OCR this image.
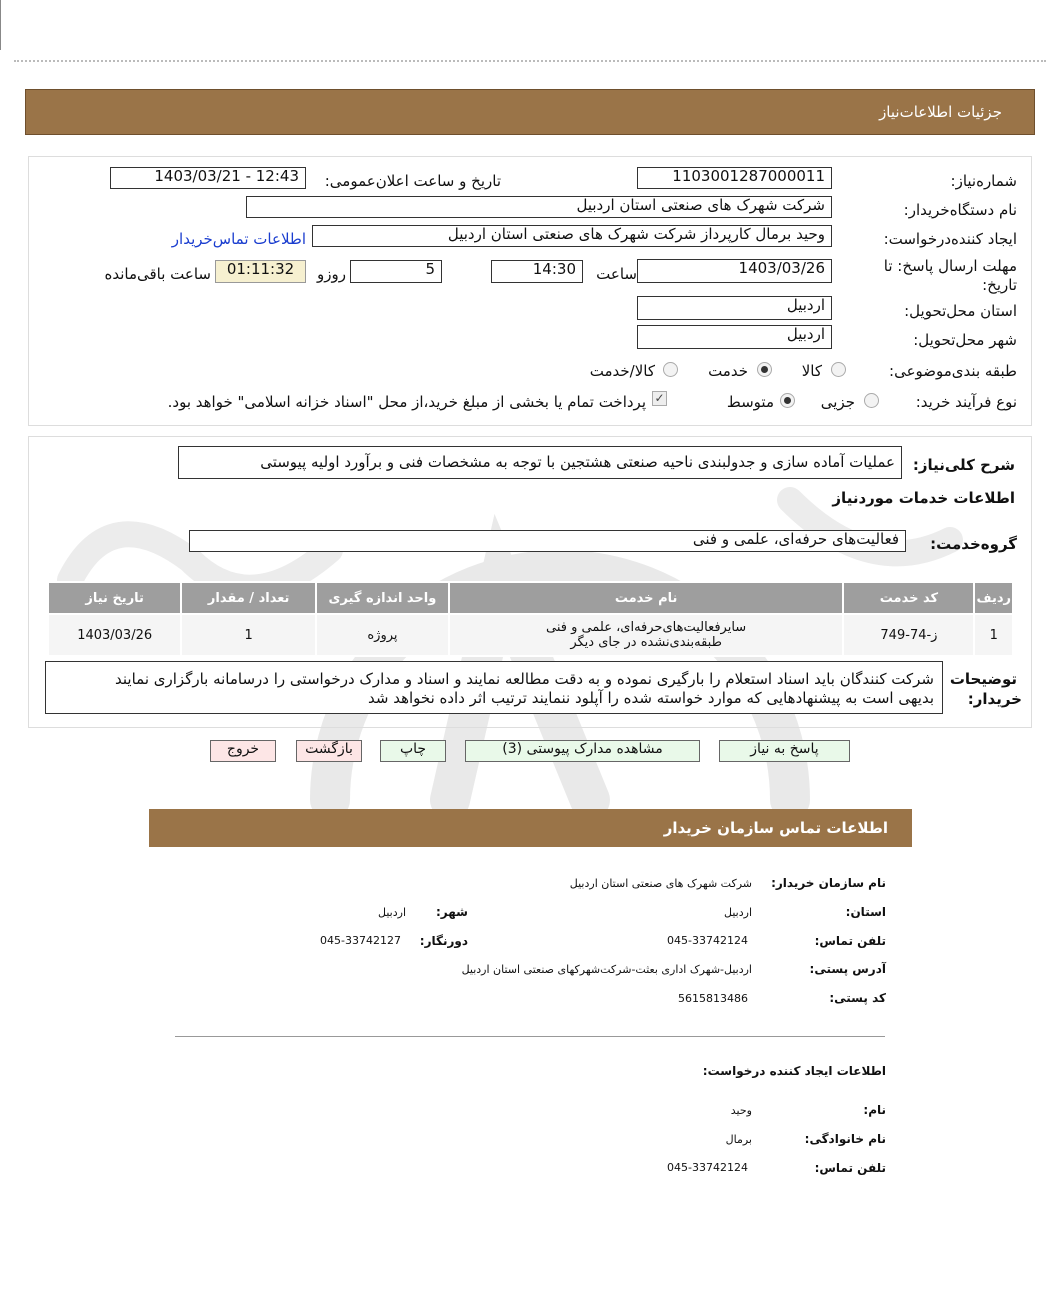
جزئیات اطلاعات‌نیاز
شماره‌نیاز:
1103001287000011
تاریخ و ساعت اعلان‌عمومی:
1403/03/21 - 12:43
نام دستگاه‌خریدار:
شرکت شهرک های صنعتی استان اردبیل
ایجاد کننده‌درخواست:
وحید برمال کارپرداز شرکت شهرک های صنعتی استان اردبیل
اطلاعات تماس‌خریدار
مهلت ارسال پاسخ: تا تاریخ:
1403/03/26
ساعت
14:30
5
روزو
01:11:32
ساعت باقی‌مانده
استان محل‌تحویل:
اردبیل
شهر محل‌تحویل:
اردبیل
طبقه بندی‌موضوعی:
کالا
خدمت
کالا/خدمت
نوع فرآیند خرید:
جزیی
متوسط
✓
پرداخت تمام یا بخشی از مبلغ خرید،از محل "اسناد خزانه اسلامی" خواهد بود.
شرح کلی‌نیاز:
عملیات آماده سازی و جدولبندی ناحیه صنعتی هشتجین با توجه به مشخصات فنی و برآورد اولیه پیوستی
اطلاعات خدمات موردنیاز
گروه‌خدمت:
فعالیت‌های حرفه‌ای، علمی و فنی
ردیف	کد خدمت	نام خدمت	واحد اندازه گیری	تعداد / مقدار	تاریخ نیاز
1	ز-74-749	سایرفعالیت‌های‌حرفه‌ای، علمی و فنی
طبقه‌بندی‌نشده در جای دیگر	پروژه	1	1403/03/26
توضیحات
خریدار:
شرکت کنندگان باید اسناد استعلام را بارگیری نموده و به دقت مطالعه نمایند و اسناد و مدارک درخواستی را درسامانه بارگزاری نمایند
بدیهی است به پیشنهادهایی که موارد خواسته شده را آپلود ننمایند ترتیب اثر داده نخواهد شد
پاسخ به نیاز
مشاهده مدارک پیوستی (3)
چاپ
بازگشت
خروج
اطلاعات تماس سازمان خریدار
نام سازمان خریدار:
شرکت شهرک های صنعتی استان اردبیل
استان:
اردبیل
شهر:
اردبیل
تلفن تماس:
045-33742124
دورنگار:
045-33742127
آدرس پستی:
اردبیل-شهرک اداری بعثت-شرکت‌شهرکهای صنعتی استان اردبیل
کد پستی:
5615813486
اطلاعات ایجاد کننده درخواست:
نام:
وحید
نام خانوادگی:
برمال
تلفن تماس:
045-33742124
